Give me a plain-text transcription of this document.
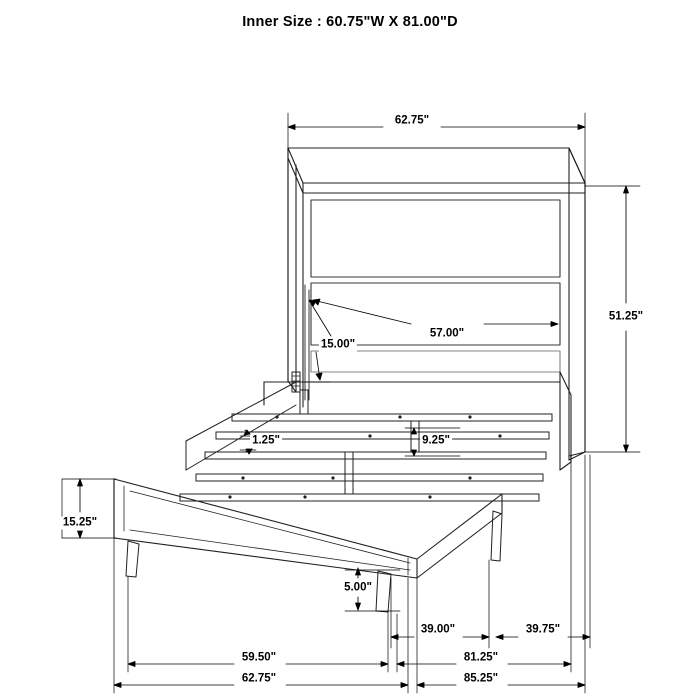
Inner Size : 60.75"W X 81.00"D
62.75"
51.25"
57.00"
15.00"
1.25"	9.25"
15.25"
5.00"
39.00"	39.75"
59.50"	81.25"
62.75"	85.25"
